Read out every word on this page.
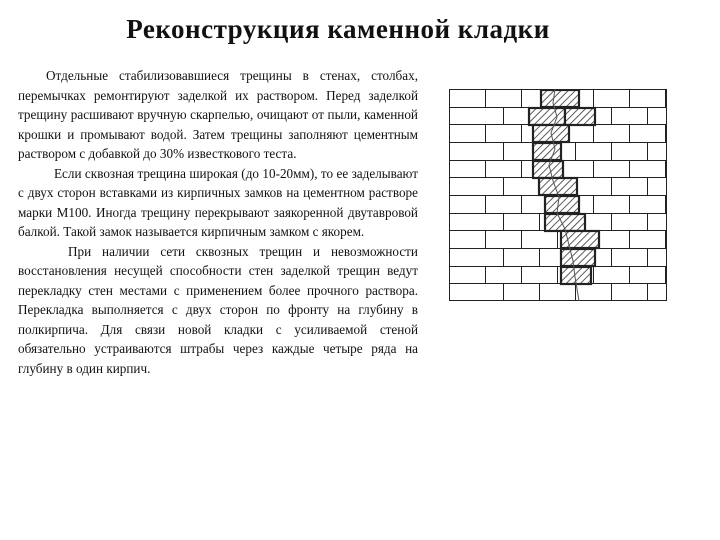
Реконструкция каменной кладки

Отдельные стабилизовавшиеся трещины в стенах, столбах, перемычках ремонтируют заделкой их раствором. Перед заделкой трещину расшивают вручную скарпелью, очищают от пыли, каменной крошки и промывают водой. Затем трещины заполняют цементным раствором с добавкой до 30% известкового теста.

Если сквозная трещина широкая (до 10-20мм), то ее заделывают с двух сторон вставками из кирпичных замков на цементном растворе марки М100. Иногда трещину перекрывают заякоренной двутавровой балкой. Такой замок называется кирпичным замком с якорем.

При наличии сети сквозных трещин и невозможности восстановления несущей способности стен заделкой трещин ведут перекладку стен местами с применением более прочного раствора. Перекладка выполняется с двух сторон по фронту на глубину в полкирпича. Для связи новой кладки с усиливаемой стеной обязательно устраиваются штрабы через каждые четыре ряда на глубину в один кирпич.
